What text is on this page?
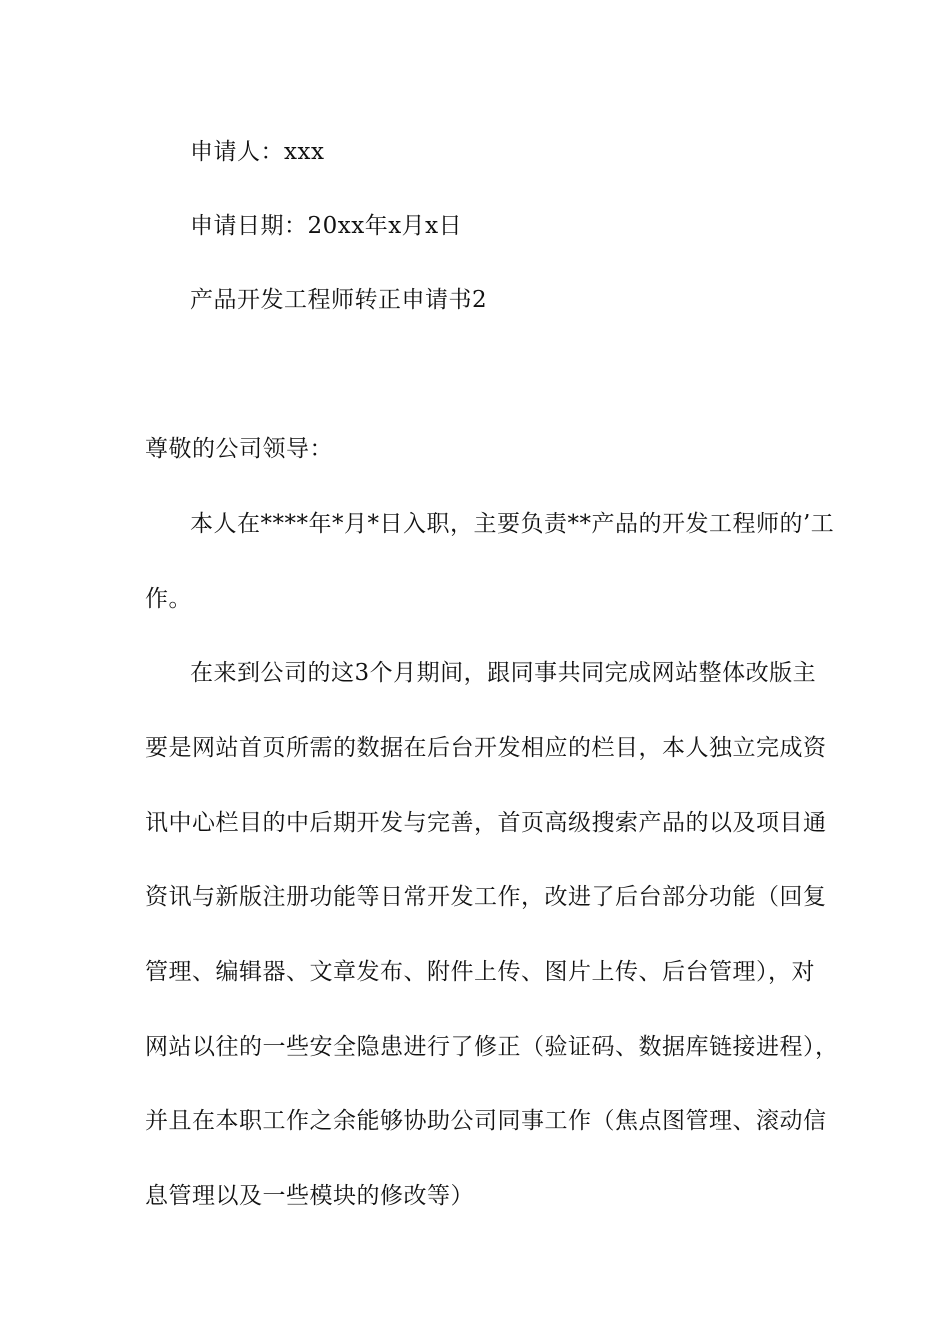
申请人：xxx
申请日期：20xx年x月x日
产品开发工程师转正申请书2
尊敬的公司领导：
本人在****年*月*日入职，主要负责**产品的开发工程师的’工
作。
在来到公司的这3个月期间，跟同事共同完成网站整体改版主
要是网站首页所需的数据在后台开发相应的栏目，本人独立完成资
讯中心栏目的中后期开发与完善，首页高级搜索产品的以及项目通
资讯与新版注册功能等日常开发工作，改进了后台部分功能（回复
管理、编辑器、文章发布、附件上传、图片上传、后台管理），对
网站以往的一些安全隐患进行了修正（验证码、数据库链接进程），
并且在本职工作之余能够协助公司同事工作（焦点图管理、滚动信
息管理以及一些模块的修改等）
